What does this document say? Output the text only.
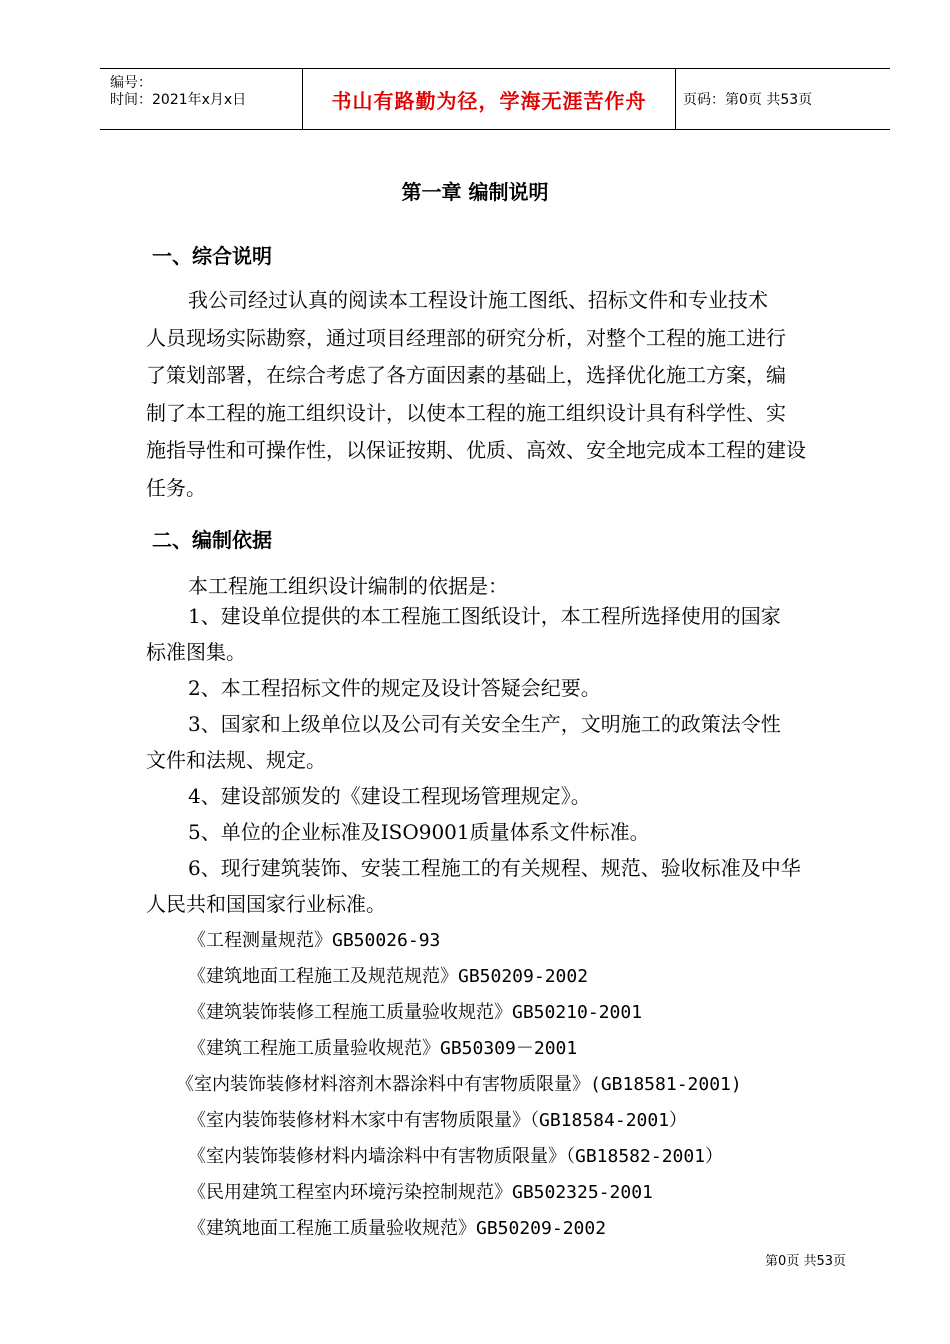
编号：
时间：2021年x月x日	书山有路勤为径，学海无涯苦作舟	页码：第0页 共53页
第一章 编制说明
一、综合说明
我公司经过认真的阅读本工程设计施工图纸、招标文件和专业技术
人员现场实际勘察，通过项目经理部的研究分析，对整个工程的施工进行
了策划部署，在综合考虑了各方面因素的基础上，选择优化施工方案，编
制了本工程的施工组织设计，以使本工程的施工组织设计具有科学性、实
施指导性和可操作性，以保证按期、优质、高效、安全地完成本工程的建设
任务。
二、编制依据
本工程施工组织设计编制的依据是：
1、建设单位提供的本工程施工图纸设计，本工程所选择使用的国家
标准图集。
2、本工程招标文件的规定及设计答疑会纪要。
3、国家和上级单位以及公司有关安全生产，文明施工的政策法令性
文件和法规、规定。
4、建设部颁发的《建设工程现场管理规定》。
5、单位的企业标准及ISO9001质量体系文件标准。
6、现行建筑装饰、安装工程施工的有关规程、规范、验收标准及中华
人民共和国国家行业标准。
《工程测量规范》GB50026-93
《建筑地面工程施工及规范规范》GB50209-2002
《建筑装饰装修工程施工质量验收规范》GB50210-2001
《建筑工程施工质量验收规范》GB50309－2001
《室内装饰装修材料溶剂木器涂料中有害物质限量》(GB18581-2001)
《室内装饰装修材料木家中有害物质限量》（GB18584-2001）
《室内装饰装修材料内墙涂料中有害物质限量》（GB18582-2001）
《民用建筑工程室内环境污染控制规范》GB502325-2001
《建筑地面工程施工质量验收规范》GB50209-2002
第0页 共53页
